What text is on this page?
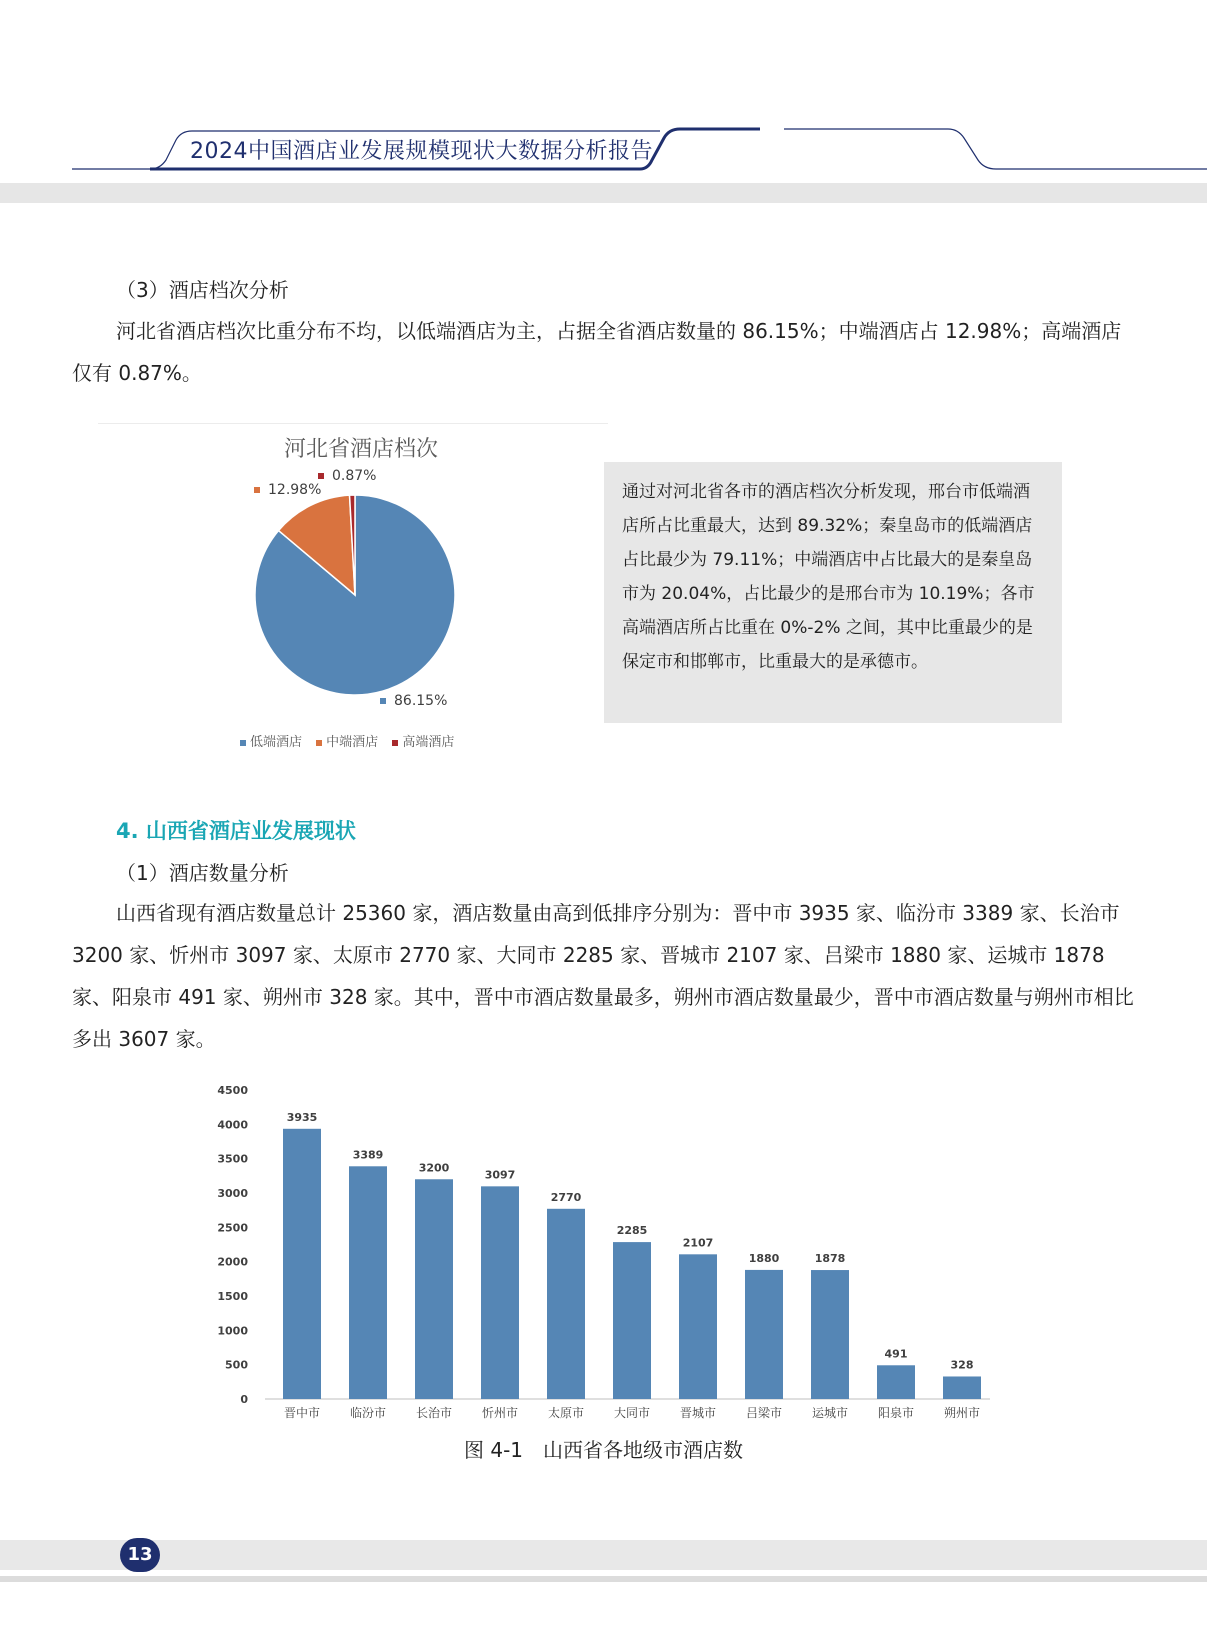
2024中国酒店业发展规模现状大数据分析报告
（3）酒店档次分析

河北省酒店档次比重分布不均，以低端酒店为主，占据全省酒店数量的 86.15%；中端酒店占 12.98%；高端酒店仅有 0.87%。

河北省酒店档次
0.87%
12.98%
86.15%
低端酒店 中端酒店 高端酒店
通过对河北省各市的酒店档次分析发现，邢台市低端酒店所占比重最大，达到 89.32%；秦皇岛市的低端酒店占比最少为 79.11%；中端酒店中占比最大的是秦皇岛市为 20.04%，占比最少的是邢台市为 10.19%；各市高端酒店所占比重在 0%-2% 之间，其中比重最少的是保定市和邯郸市，比重最大的是承德市。
4. 山西省酒店业发展现状
（1）酒店数量分析

山西省现有酒店数量总计 25360 家，酒店数量由高到低排序分别为：晋中市 3935 家、临汾市 3389 家、长治市 3200 家、忻州市 3097 家、太原市 2770 家、大同市 2285 家、晋城市 2107 家、吕梁市 1880 家、运城市 1878 家、阳泉市 491 家、朔州市 328 家。其中，晋中市酒店数量最多，朔州市酒店数量最少，晋中市酒店数量与朔州市相比多出 3607 家。

0
500
1000
1500
2000
2500
3000
3500
4000
4500
3935
晋中市
3389
临汾市
3200
长治市
3097
忻州市
2770
太原市
2285
大同市
2107
晋城市
1880
吕梁市
1878
运城市
491
阳泉市
328
朔州市
图 4-1　山西省各地级市酒店数
13
